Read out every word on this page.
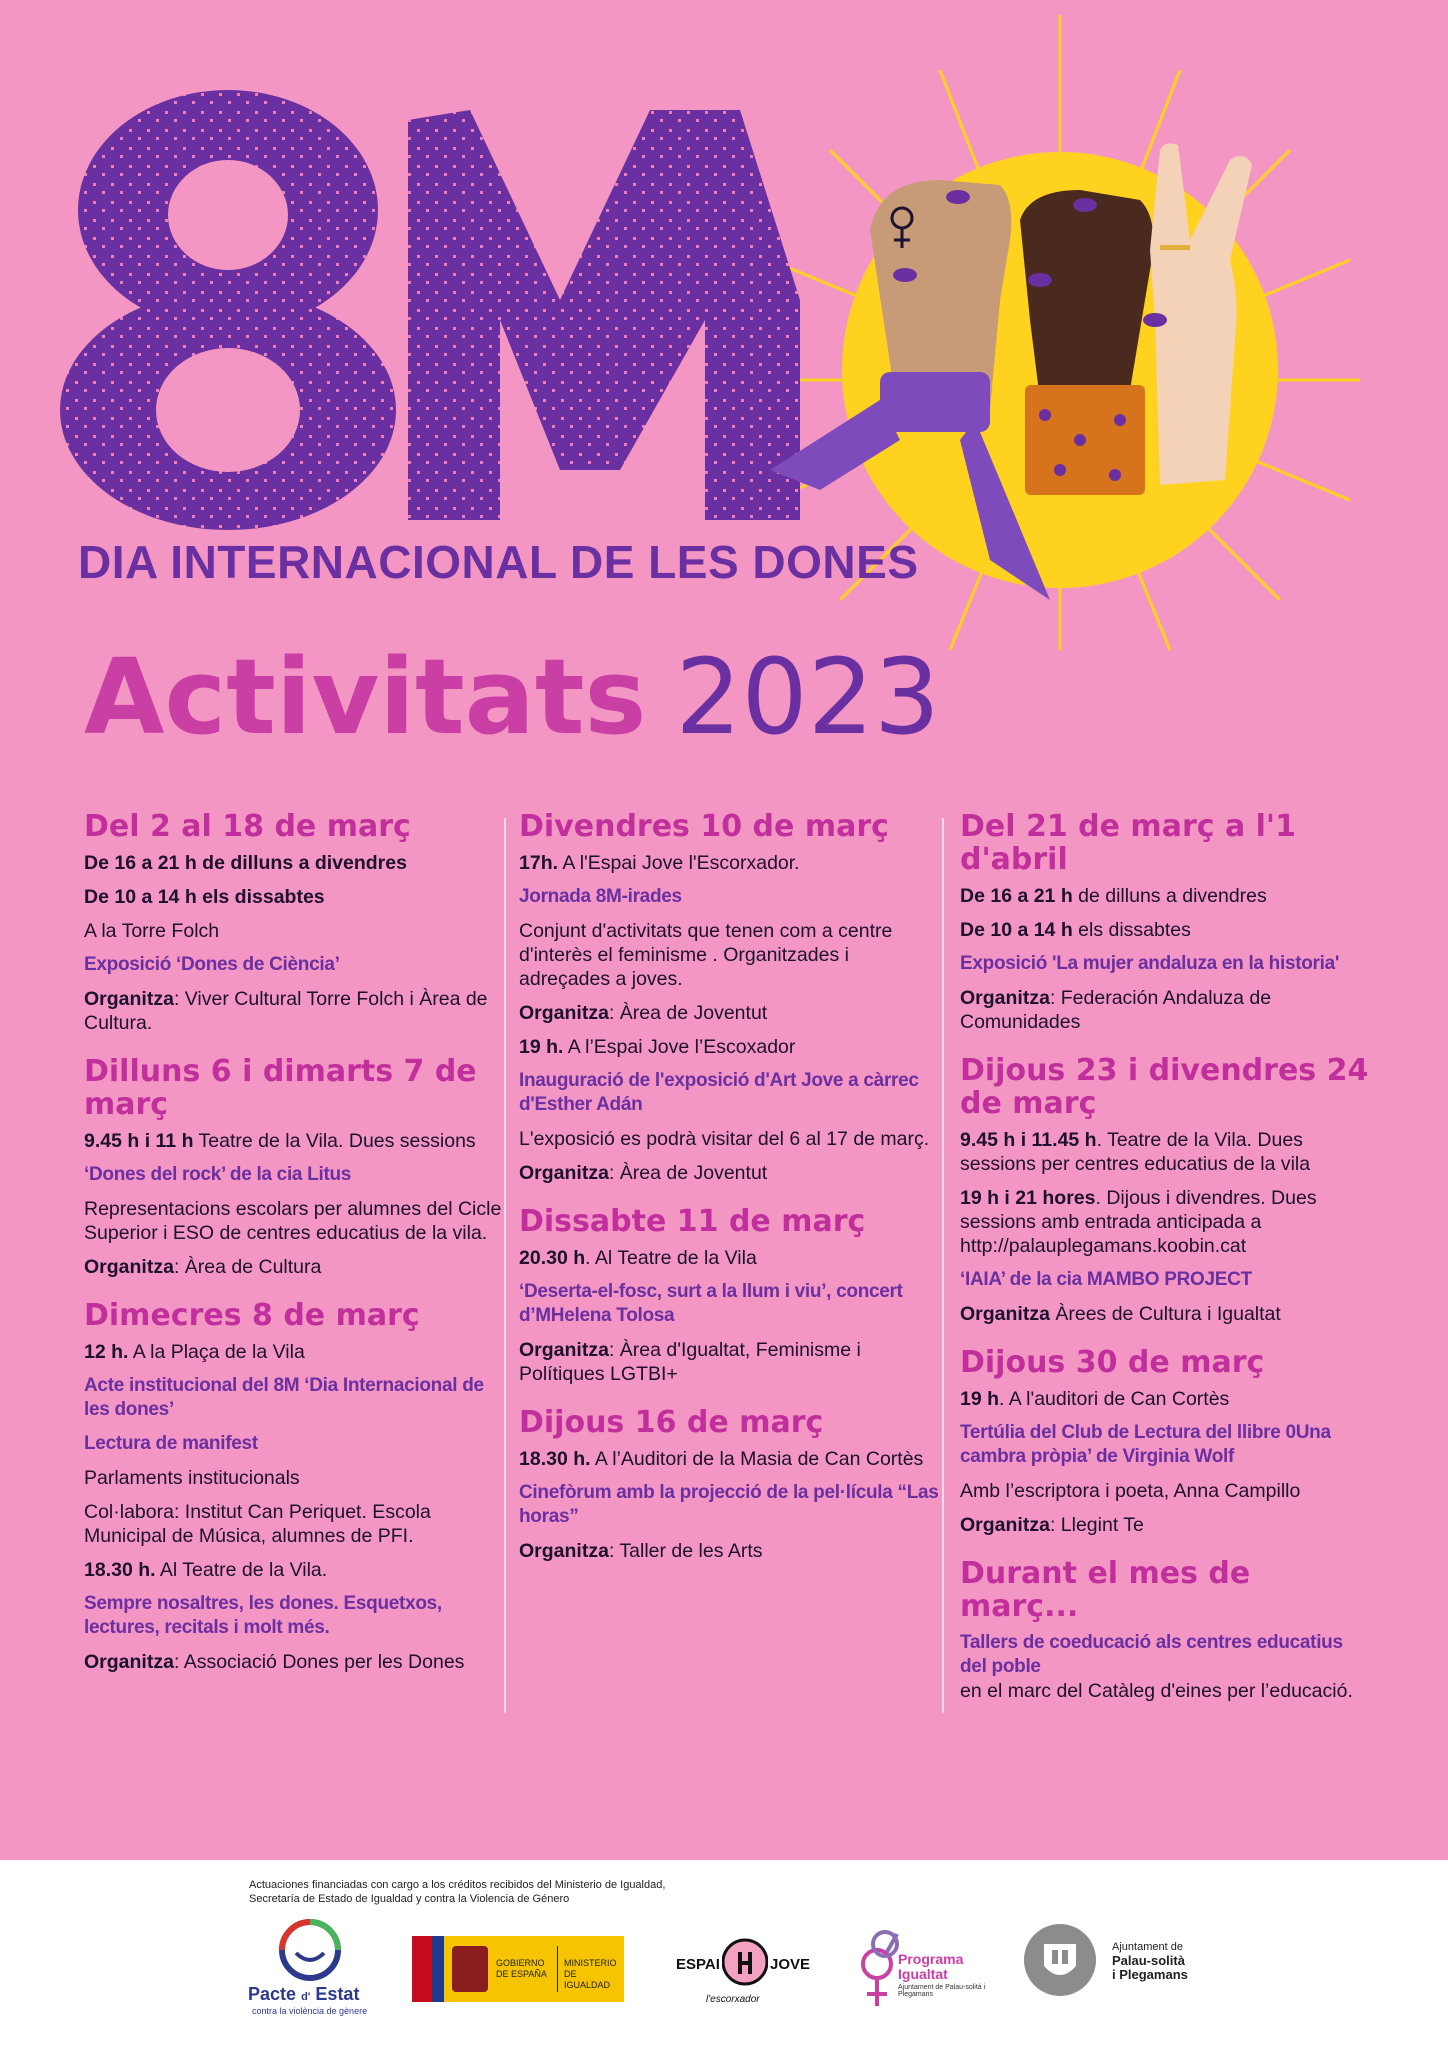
DIA INTERNACIONAL DE LES DONES
Activitats 2023
Del 2 al 18 de març

De 16 a 21 h de dilluns a divendres

De 10 a 14 h els dissabtes

A la Torre Folch

Exposició ‘Dones de Ciència’

Organitza: Viver Cultural Torre Folch i Àrea de Cultura.

Dilluns 6 i dimarts 7 de març

9.45 h i 11 h Teatre de la Vila. Dues sessions

‘Dones del rock’ de la cia Litus

Representacions escolars per alumnes del Cicle Superior i ESO de centres educatius de la vila.

Organitza: Àrea de Cultura

Dimecres 8 de març

12 h. A la Plaça de la Vila

Acte institucional del 8M ‘Dia Internacional de les dones’

Lectura de manifest

Parlaments institucionals

Col·labora: Institut Can Periquet. Escola Municipal de Música, alumnes de PFI.

18.30 h. Al Teatre de la Vila.

Sempre nosaltres, les dones. Esquetxos, lectures, recitals i molt més.

Organitza: Associació Dones per les Dones

Divendres 10 de març

17h. A l'Espai Jove l'Escorxador.

Jornada 8M-irades

Conjunt d'activitats que tenen com a centre d'interès el feminisme . Organitzades i adreçades a joves.

Organitza: Àrea de Joventut

19 h. A l’Espai Jove l’Escoxador

Inauguració de l'exposició d'Art Jove a càrrec d'Esther Adán

L'exposició es podrà visitar del 6 al 17 de març.

Organitza: Àrea de Joventut

Dissabte 11 de març

20.30 h. Al Teatre de la Vila

‘Deserta-el-fosc, surt a la llum i viu’, concert d’MHelena Tolosa

Organitza: Àrea d'Igualtat, Feminisme i Polítiques LGTBI+

Dijous 16 de març

18.30 h. A l’Auditori de la Masia de Can Cortès

Cinefòrum amb la projecció de la pel·lícula “Las horas”

Organitza: Taller de les Arts

Del 21 de març a l'1 d'abril

De 16 a 21 h de dilluns a divendres

De 10 a 14 h els dissabtes

Exposició 'La mujer andaluza en la historia'

Organitza: Federación Andaluza de Comunidades

Dijous 23 i divendres 24 de març

9.45 h i 11.45 h. Teatre de la Vila. Dues sessions per centres educatius de la vila

19 h i 21 hores. Dijous i divendres. Dues sessions amb entrada anticipada a http://palauplegamans.koobin.cat

‘IAIA’ de la cia MAMBO PROJECT

Organitza Àrees de Cultura i Igualtat

Dijous 30 de març

19 h. A l'auditori de Can Cortès

Tertúlia del Club de Lectura del llibre 0Una cambra pròpia’ de Virginia Wolf

Amb l’escriptora i poeta, Anna Campillo

Organitza: Llegint Te

Durant el mes de març...

Tallers de coeducació als centres educatius del poble

en el marc del Catàleg d'eines per l’educació.

Actuaciones financiadas con cargo a los créditos recibidos del Ministerio de Igualdad, Secretaría de Estado de Igualdad y contra la Violencia de Género
Pacte d' Estat
contra la violència de gènere
GOBIERNO
DE ESPAÑA
MINISTERIO
DE IGUALDAD
ESPAI	JOVE
l'escorxador
Programa
Igualtat
Ajuntament de Palau-solità i Plegamans
Ajuntament de
Palau-solità
i Plegamans
